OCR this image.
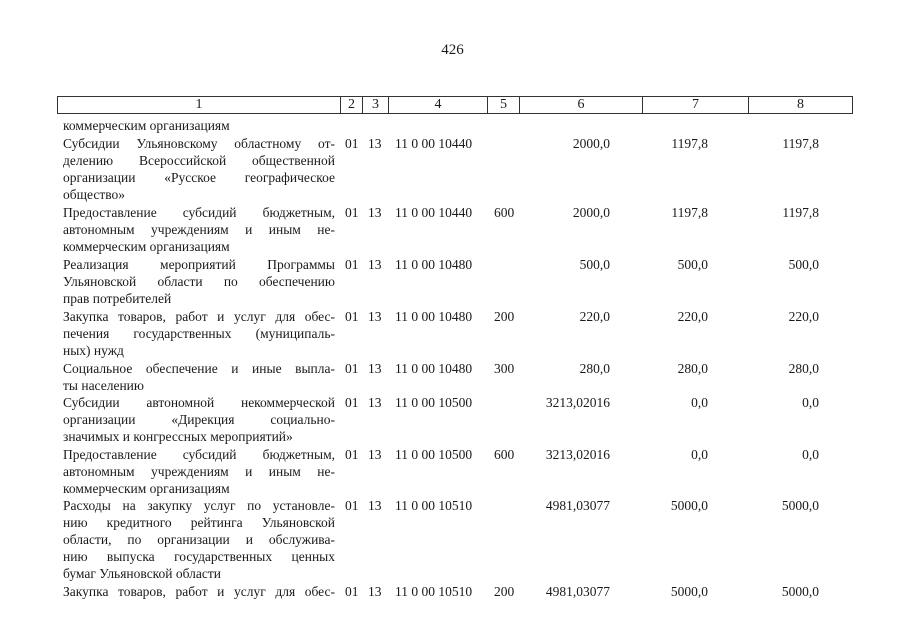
426
1	2	3	4	5	6	7	8
коммерческим организациям
Субсидии Ульяновскому областному от-
делению Всероссийской общественной
организации «Русское географическое
общество»
01 13 11 0 00 10440	2000,0	1197,8	1197,8
Предоставление субсидий бюджетным,
автономным учреждениям и иным не-
коммерческим организациям
01 13 11 0 00 10440 600	2000,0	1197,8	1197,8
Реализация мероприятий Программы
Ульяновской области по обеспечению
прав потребителей
01 13 11 0 00 10480	500,0	500,0	500,0
Закупка товаров, работ и услуг для обес-
печения государственных (муниципаль-
ных) нужд
01 13 11 0 00 10480 200	220,0	220,0	220,0
Социальное обеспечение и иные выпла-
ты населению
01 13 11 0 00 10480 300	280,0	280,0	280,0
Субсидии автономной некоммерческой
организации «Дирекция социально-
значимых и конгрессных мероприятий»
01 13 11 0 00 10500	3213,02016	0,0	0,0
Предоставление субсидий бюджетным,
автономным учреждениям и иным не-
коммерческим организациям
01 13 11 0 00 10500 600	3213,02016	0,0	0,0
Расходы на закупку услуг по установле-
нию кредитного рейтинга Ульяновской
области, по организации и обслужива-
нию выпуска государственных ценных
бумаг Ульяновской области
01 13 11 0 00 10510	4981,03077	5000,0	5000,0
Закупка товаров, работ и услуг для обес- 01 13 11 0 00 10510 200	4981,03077	5000,0	5000,0
